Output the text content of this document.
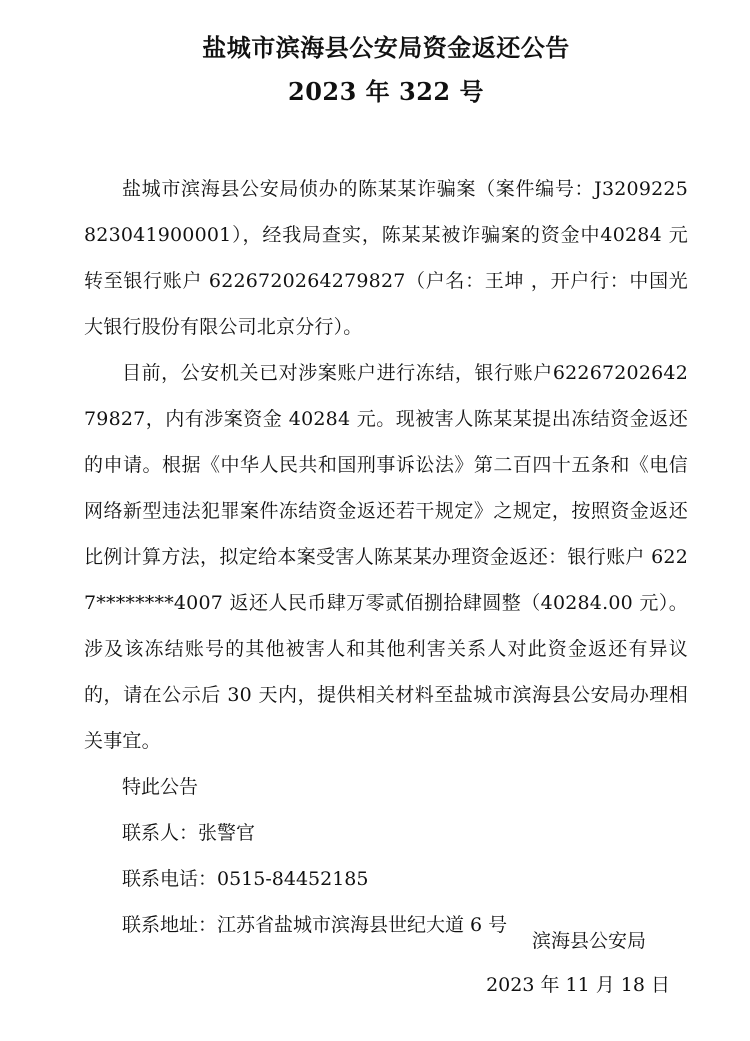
盐城市滨海县公安局资金返还公告
2023 年 322 号

盐城市滨海县公安局侦办的陈某某诈骗案（案件编号：J3209225823041900001），经我局查实，陈某某被诈骗案的资金中40284 元转至银行账户 6226720264279827（户名：王坤 ，开户行：中国光大银行股份有限公司北京分行）。

目前，公安机关已对涉案账户进行冻结，银行账户6226720264279827，内有涉案资金 40284 元。现被害人陈某某提出冻结资金返还的申请。根据《中华人民共和国刑事诉讼法》第二百四十五条和《电信网络新型违法犯罪案件冻结资金返还若干规定》之规定，按照资金返还比例计算方法，拟定给本案受害人陈某某办理资金返还：银行账户 6227********4007 返还人民币肆万零贰佰捌拾肆圆整（40284.00 元）。涉及该冻结账号的其他被害人和其他利害关系人对此资金返还有异议的，请在公示后 30 天内，提供相关材料至盐城市滨海县公安局办理相关事宜。

特此公告

联系人：张警官

联系电话：0515-84452185

联系地址：江苏省盐城市滨海县世纪大道 6 号

滨海县公安局
2023 年 11 月 18 日
